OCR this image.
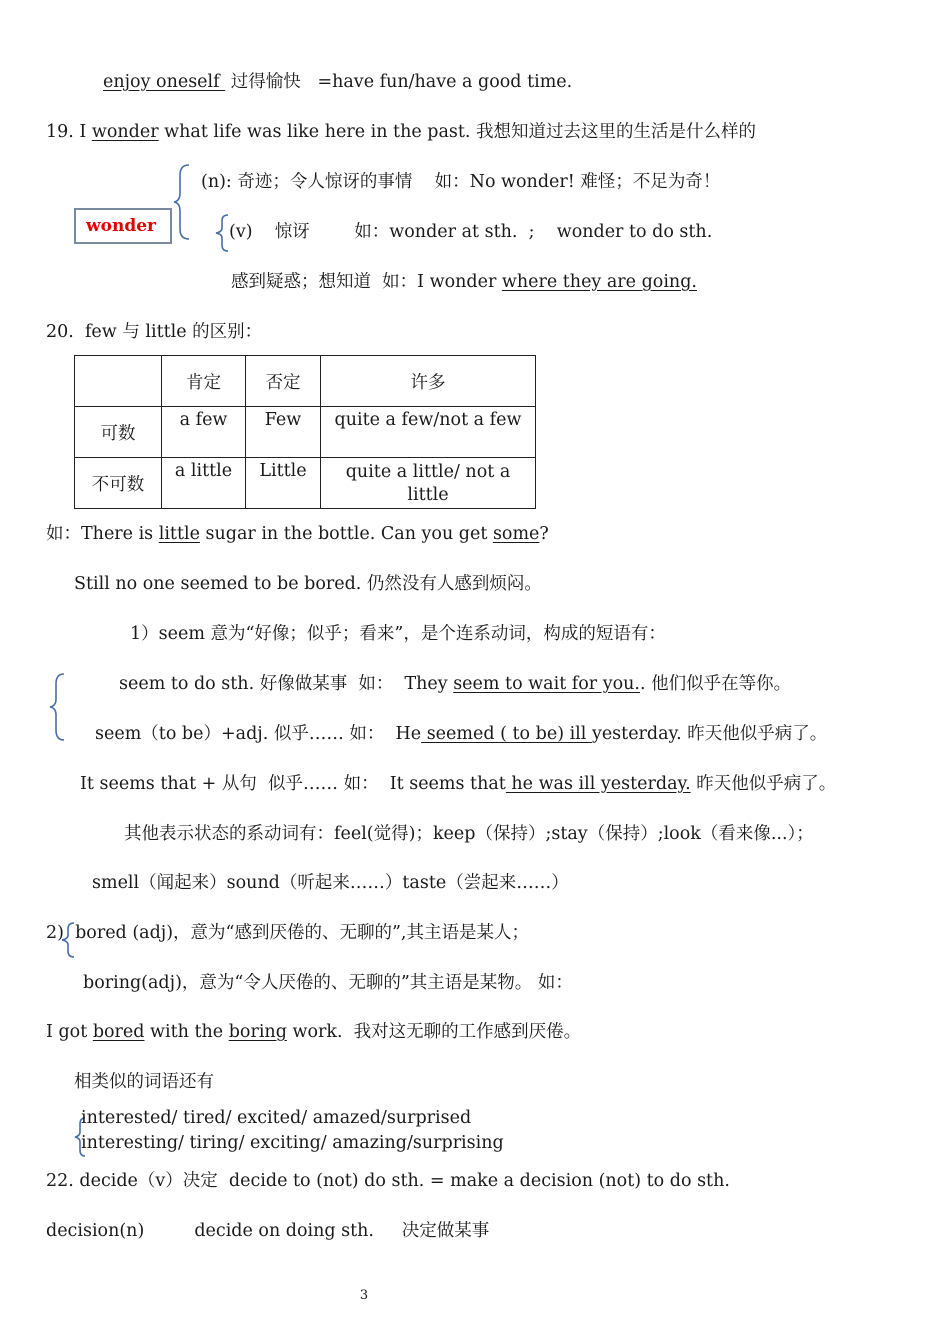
enjoy oneself  过得愉快   =have fun/have a good time.
19. I wonder what life was like here in the past. 我想知道过去这里的生活是什么样的
wonder
(n): 奇迹；令人惊讶的事情    如：No wonder! 难怪；不足为奇！
(v)    惊讶        如：wonder at sth.  ;    wonder to do sth.
感到疑惑；想知道  如：I wonder where they are going.
20.  few 与 little 的区别：
	肯定	否定	许多
可数	a few	Few	quite a few/not a few
不可数	a little	Little	quite a little/ not a little
如：There is little sugar in the bottle. Can you get some?
Still no one seemed to be bored. 仍然没有人感到烦闷。
1）seem 意为“好像；似乎；看来”，是个连系动词，构成的短语有：
seem to do sth. 好像做某事  如：  They seem to wait for you.. 他们似乎在等你。
seem（to be）+adj. 似乎…… 如：  He seemed ( to be) ill yesterday. 昨天他似乎病了。
It seems that + 从句  似乎…… 如：  It seems that he was ill yesterday. 昨天他似乎病了。
其他表示状态的系动词有：feel(觉得)；keep（保持）;stay（保持）;look（看来像...）；
smell（闻起来）sound（听起来……）taste（尝起来……）
2)  bored (adj)，意为“感到厌倦的、无聊的”,其主语是某人；
boring(adj)，意为“令人厌倦的、无聊的”其主语是某物。 如：
I got bored with the boring work.  我对这无聊的工作感到厌倦。
相类似的词语还有
interested/ tired/ excited/ amazed/surprised
interesting/ tiring/ exciting/ amazing/surprising
22. decide（v）决定  decide to (not) do sth. = make a decision (not) to do sth.
decision(n)         decide on doing sth.     决定做某事
3
